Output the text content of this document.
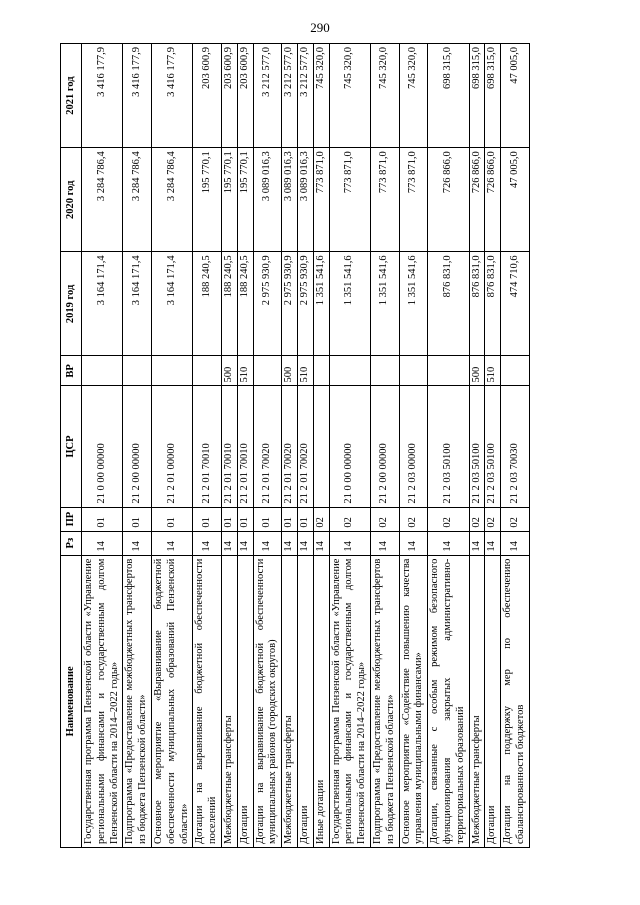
290
Наименование	Рз	ПР	ЦСР	ВР	2019 год	2020 год	2021 год
Государственная программа Пензенской области «Управление региональными финансами и государственным долгом Пензенской области на 2014–2022 годы»	14	01	21 0 00 00000		3 164 171,4	3 284 786,4	3 416 177,9
Подпрограмма «Предоставление межбюджетных трансфертов из бюджета Пензенской области»	14	01	21 2 00 00000		3 164 171,4	3 284 786,4	3 416 177,9
Основное мероприятие «Выравнивание бюджетной обеспеченности муниципальных образований Пензенской области»	14	01	21 2 01 00000		3 164 171,4	3 284 786,4	3 416 177,9
Дотации на выравнивание бюджетной обеспеченности поселений	14	01	21 2 01 70010		188 240,5	195 770,1	203 600,9
Межбюджетные трансферты	14	01	21 2 01 70010	500	188 240,5	195 770,1	203 600,9
Дотации	14	01	21 2 01 70010	510	188 240,5	195 770,1	203 600,9
Дотации на выравнивание бюджетной обеспеченности муниципальных районов (городских округов)	14	01	21 2 01 70020		2 975 930,9	3 089 016,3	3 212 577,0
Межбюджетные трансферты	14	01	21 2 01 70020	500	2 975 930,9	3 089 016,3	3 212 577,0
Дотации	14	01	21 2 01 70020	510	2 975 930,9	3 089 016,3	3 212 577,0
Иные дотации	14	02			1 351 541,6	773 871,0	745 320,0
Государственная программа Пензенской области «Управление региональными финансами и государственным долгом Пензенской области на 2014–2022 годы»	14	02	21 0 00 00000		1 351 541,6	773 871,0	745 320,0
Подпрограмма «Предоставление межбюджетных трансфертов из бюджета Пензенской области»	14	02	21 2 00 00000		1 351 541,6	773 871,0	745 320,0
Основное мероприятие «Содействие повышению качества управления муниципальными финансами»	14	02	21 2 03 00000		1 351 541,6	773 871,0	745 320,0
Дотации, связанные с особым режимом безопасного функционирования закрытых административно-территориальных образований	14	02	21 2 03 50100		876 831,0	726 866,0	698 315,0
Межбюджетные трансферты	14	02	21 2 03 50100	500	876 831,0	726 866,0	698 315,0
Дотации	14	02	21 2 03 50100	510	876 831,0	726 866,0	698 315,0
Дотации на поддержку мер по обеспечению сбалансированности бюджетов	14	02	21 2 03 70030		474 710,6	47 005,0	47 005,0
